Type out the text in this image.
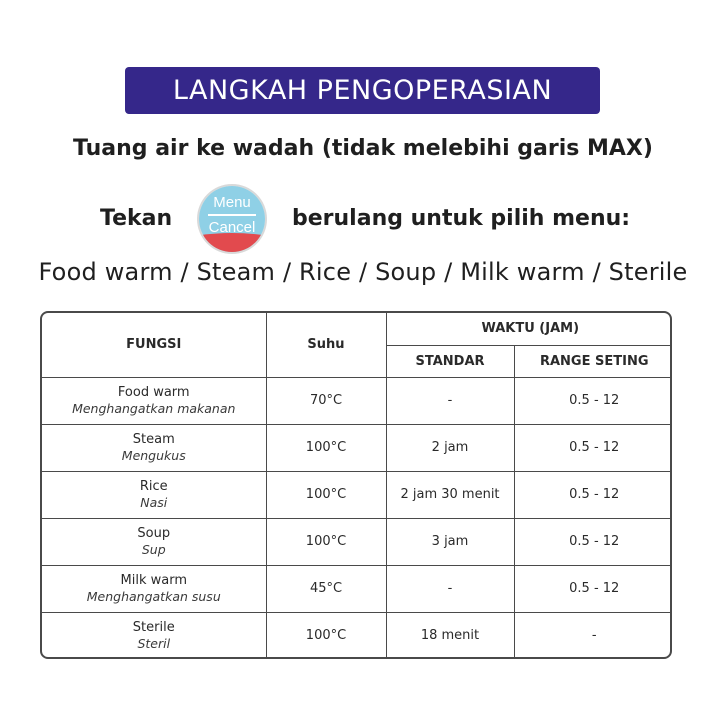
LANGKAH PENGOPERASIAN
Tuang air ke wadah (tidak melebihi garis MAX)
Tekan
Menu
Cancel berulang untuk pilih menu:
Food warm / Steam / Rice / Soup / Milk warm / Sterile
FUNGSI	Suhu	WAKTU (JAM)	
		STANDAR	RANGE SETING

Food warm
Menghangatkan makanan	70°C	-	0.5 - 12

Steam
Mengukus	100°C	2 jam	0.5 - 12

Rice
Nasi	100°C	2 jam 30 menit	0.5 - 12

Soup
Sup	100°C	3 jam	0.5 - 12

Milk warm
Menghangatkan susu	45°C	-	0.5 - 12

Sterile
Steril	100°C	18 menit	-
